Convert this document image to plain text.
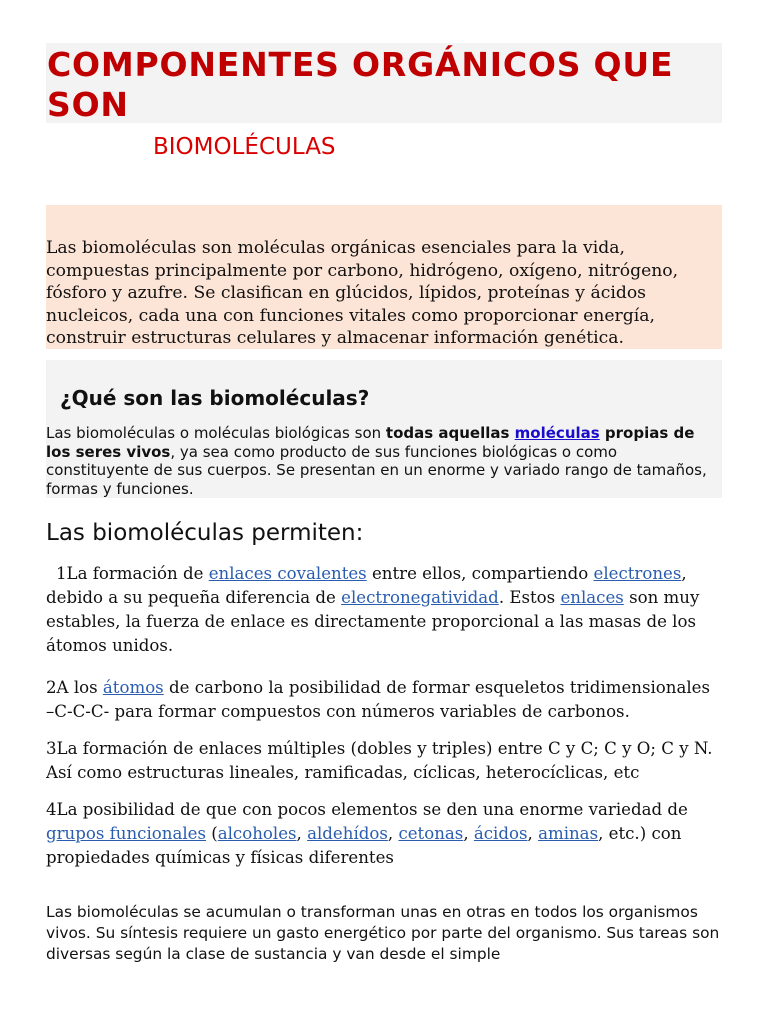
COMPONENTES ORGÁNICOS QUE SON
BIOMOLÉCULAS

Las biomoléculas son moléculas orgánicas esenciales para la vida, compuestas principalmente por carbono, hidrógeno, oxígeno, nitrógeno, fósforo y azufre. Se clasifican en glúcidos, lípidos, proteínas y ácidos nucleicos, cada una con funciones vitales como proporcionar energía, construir estructuras celulares y almacenar información genética.

¿Qué son las biomoléculas?

Las biomoléculas o moléculas biológicas son todas aquellas moléculas propias de los seres vivos, ya sea como producto de sus funciones biológicas o como constituyente de sus cuerpos. Se presentan en un enorme y variado rango de tamaños, formas y funciones.

Las biomoléculas permiten:

1La formación de enlaces covalentes entre ellos, compartiendo electrones, debido a su pequeña diferencia de electronegatividad. Estos enlaces son muy estables, la fuerza de enlace es directamente proporcional a las masas de los átomos unidos.

2A los átomos de carbono la posibilidad de formar esqueletos tridimensionales –C-C-C- para formar compuestos con números variables de carbonos.

3La formación de enlaces múltiples (dobles y triples) entre C y C; C y O; C y N. Así como estructuras lineales, ramificadas, cíclicas, heterocíclicas, etc

4La posibilidad de que con pocos elementos se den una enorme variedad de grupos funcionales (alcoholes, aldehídos, cetonas, ácidos, aminas, etc.) con propiedades químicas y físicas diferentes

Las biomoléculas se acumulan o transforman unas en otras en todos los organismos vivos. Su síntesis requiere un gasto energético por parte del organismo. Sus tareas son diversas según la clase de sustancia y van desde el simple
